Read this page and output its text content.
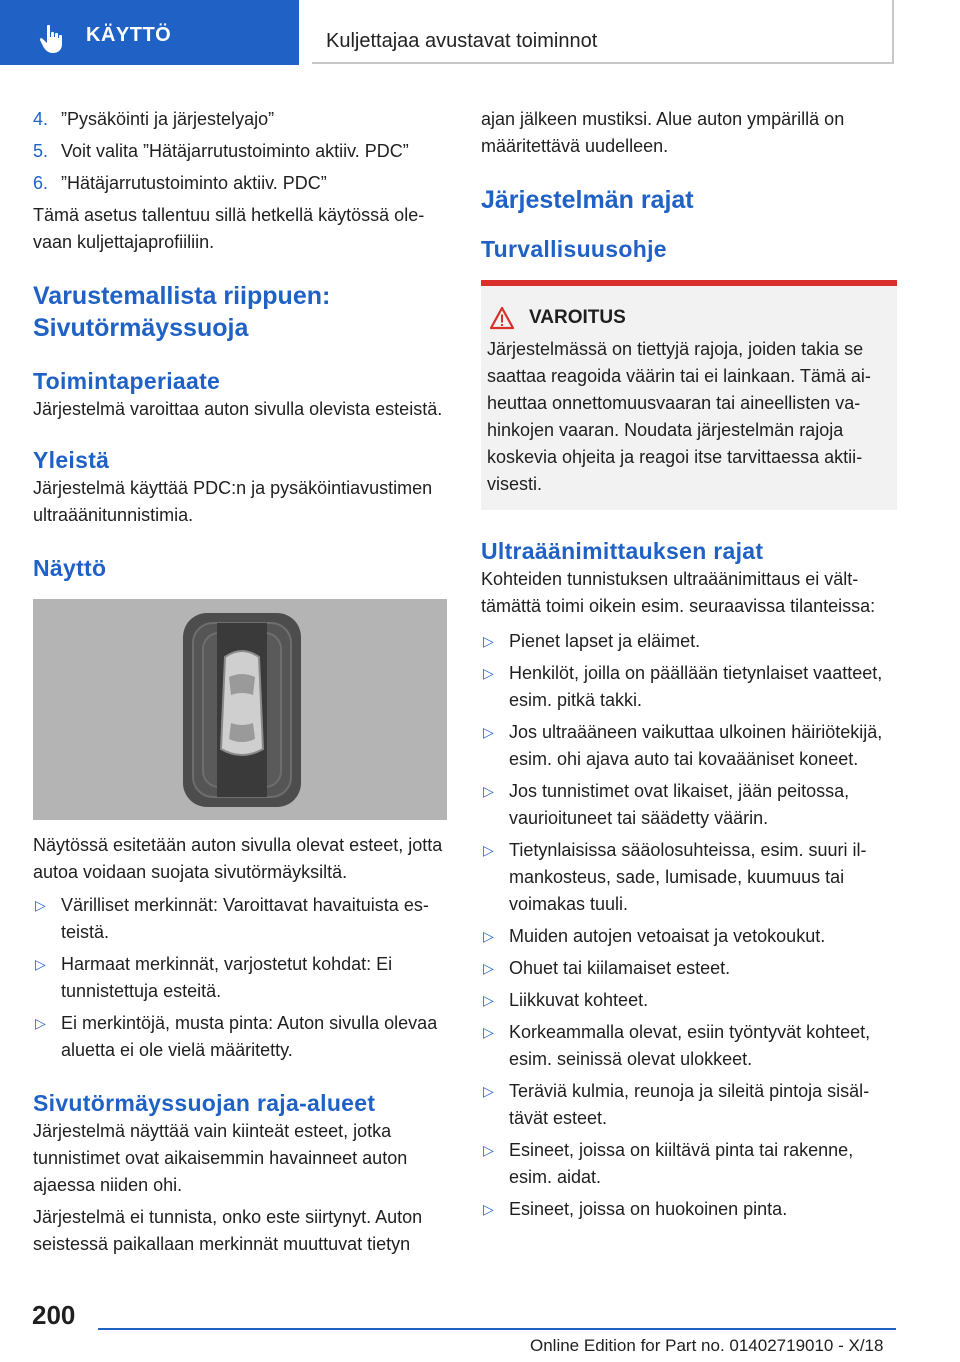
KÄYTTÖ	Kuljettajaa avustavat toiminnot
4. ”Pysäköinti ja järjestelyajo”
5. Voit valita ”Hätäjarrutustoiminto aktiiv. PDC”
6. ”Hätäjarrutustoiminto aktiiv. PDC”

Tämä asetus tallentuu sillä hetkellä käytössä olevaan kuljettajaprofiiliin.

Varustemallista riippuen: Sivutörmäyssuoja
Toimintaperiaate

Järjestelmä varoittaa auton sivulla olevista esteistä.

Yleistä

Järjestelmä käyttää PDC:n ja pysäköintiavustimen ultraäänitunnistimia.

Näyttö

Näytössä esitetään auton sivulla olevat esteet, jotta autoa voidaan suojata sivutörmäyksiltä.

▷ Värilliset merkinnät: Varoittavat havaituista esteistä.
▷ Harmaat merkinnät, varjostetut kohdat: Ei tunnistettuja esteitä.
▷ Ei merkintöjä, musta pinta: Auton sivulla olevaa aluetta ei ole vielä määritetty.
Sivutörmäyssuojan raja-alueet

Järjestelmä näyttää vain kiinteät esteet, jotka tunnistimet ovat aikaisemmin havainneet auton ajaessa niiden ohi.

Järjestelmä ei tunnista, onko este siirtynyt. Auton seistessä paikallaan merkinnät muuttuvat tietyn

ajan jälkeen mustiksi. Alue auton ympärillä on määritettävä uudelleen.

Järjestelmän rajat
Turvallisuusohje
VAROITUS

Järjestelmässä on tiettyjä rajoja, joiden takia se saattaa reagoida väärin tai ei lainkaan. Tämä aiheuttaa onnettomuusvaaran tai aineellisten vahinkojen vaaran. Noudata järjestelmän rajoja koskevia ohjeita ja reagoi itse tarvittaessa aktiivisesti.

Ultraäänimittauksen rajat

Kohteiden tunnistuksen ultraäänimittaus ei välttämättä toimi oikein esim. seuraavissa tilanteissa:

▷ Pienet lapset ja eläimet.
▷ Henkilöt, joilla on päällään tietynlaiset vaatteet, esim. pitkä takki.
▷ Jos ultraääneen vaikuttaa ulkoinen häiriötekijä, esim. ohi ajava auto tai kovaääniset koneet.
▷ Jos tunnistimet ovat likaiset, jään peitossa, vaurioituneet tai säädetty väärin.
▷ Tietynlaisissa sääolosuhteissa, esim. suuri ilmankosteus, sade, lumisade, kuumuus tai voimakas tuuli.
▷ Muiden autojen vetoaisat ja vetokoukut.
▷ Ohuet tai kiilamaiset esteet.
▷ Liikkuvat kohteet.
▷ Korkeammalla olevat, esiin työntyvät kohteet, esim. seinissä olevat ulokkeet.
▷ Teräviä kulmia, reunoja ja sileitä pintoja sisältävät esteet.
▷ Esineet, joissa on kiiltävä pinta tai rakenne, esim. aidat.
▷ Esineet, joissa on huokoinen pinta.
200
Online Edition for Part no. 01402719010 - X/18
